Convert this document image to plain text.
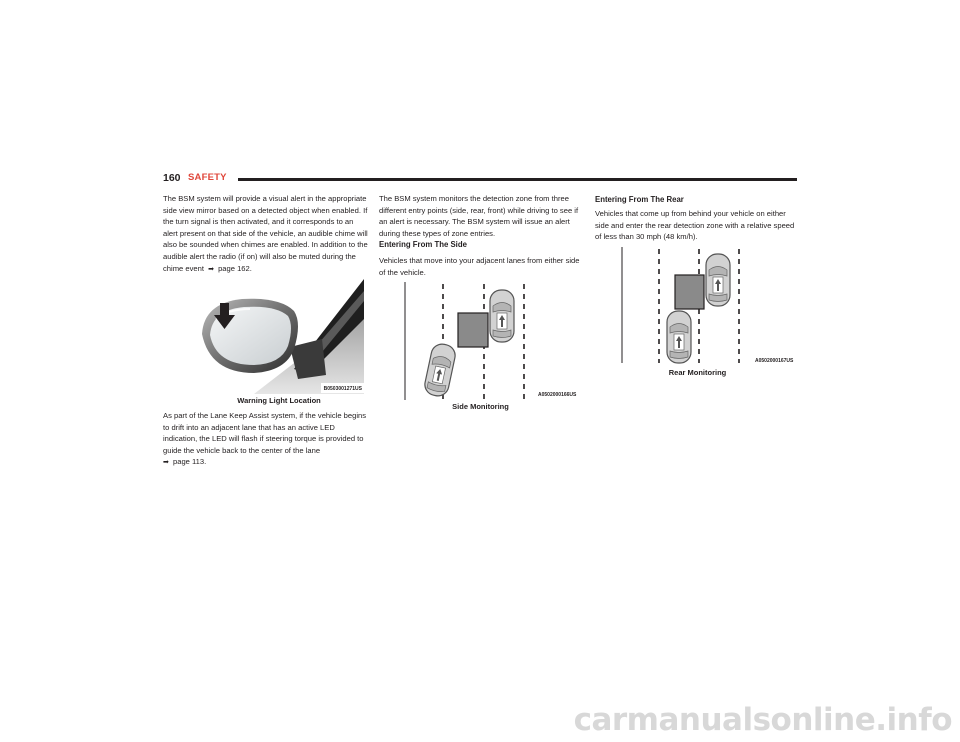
160 SAFETY
The BSM system will provide a visual alert in the appropriate side view mirror based on a detected object when enabled. If the turn signal is then activated, and it corresponds to an alert present on that side of the vehicle, an audible chime will also be sounded when chimes are enabled. In addition to the audible alert the radio (if on) will also be muted during the chime event ➡ page 162.
B0503001271US
Warning Light Location
As part of the Lane Keep Assist system, if the vehicle begins to drift into an adjacent lane that has an active LED indication, the LED will flash if steering torque is provided to guide the vehicle back to the center of the lane
➡ page 113.
The BSM system monitors the detection zone from three different entry points (side, rear, front) while driving to see if an alert is necessary. The BSM system will issue an alert during these types of zone entries.
Entering From The Side
Vehicles that move into your adjacent lanes from either side of the vehicle.
A0502000166US
Side Monitoring
Entering From The Rear
Vehicles that come up from behind your vehicle on either side and enter the rear detection zone with a relative speed of less than 30 mph (48 km/h).
A0502000167US
Rear Monitoring
carmanualsonline.info
